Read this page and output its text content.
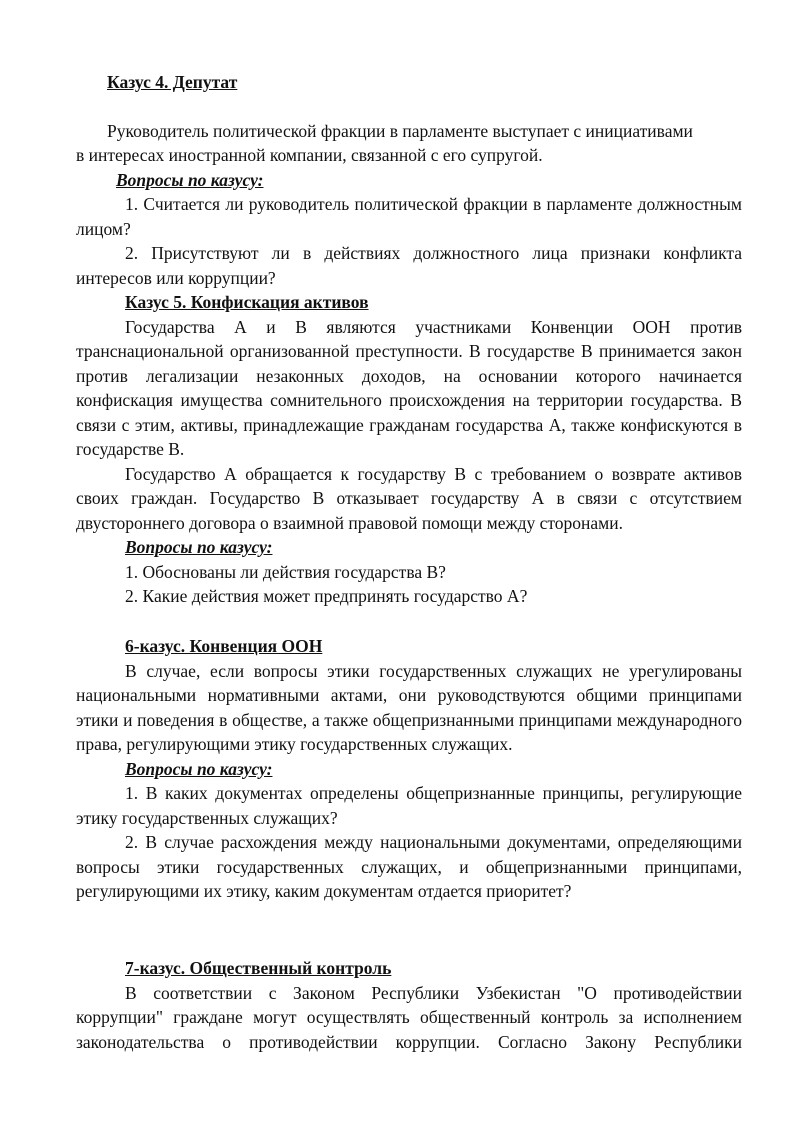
Казус 4. Депутат

Руководитель политической фракции в парламенте выступает с инициативами

в интересах иностранной компании, связанной с его супругой.

Вопросы по казусу:

1. Считается ли руководитель политической фракции в парламенте должностным лицом?

2. Присутствуют ли в действиях должностного лица признаки конфликта интересов или коррупции?

Казус 5. Конфискация активов

Государства А и В являются участниками Конвенции ООН против транснациональной организованной преступности. В государстве В принимается закон против легализации незаконных доходов, на основании которого начинается конфискация имущества сомнительного происхождения на территории государства. В связи с этим, активы, принадлежащие гражданам государства А, также конфискуются в государстве В.

Государство А обращается к государству В с требованием о возврате активов своих граждан. Государство В отказывает государству А в связи с отсутствием двустороннего договора о взаимной правовой помощи между сторонами.

Вопросы по казусу:

1. Обоснованы ли действия государства В?

2. Какие действия может предпринять государство А?

6-казус. Конвенция ООН

В случае, если вопросы этики государственных служащих не урегулированы национальными нормативными актами, они руководствуются общими принципами этики и поведения в обществе, а также общепризнанными принципами международного права, регулирующими этику государственных служащих.

Вопросы по казусу:

1. В каких документах определены общепризнанные принципы, регулирующие этику государственных служащих?

2. В случае расхождения между национальными документами, определяющими вопросы этики государственных служащих, и общепризнанными принципами, регулирующими их этику, каким документам отдается приоритет?

7-казус. Общественный контроль

В соответствии с Законом Республики Узбекистан "О противодействии коррупции" граждане могут осуществлять общественный контроль за исполнением законодательства о противодействии коррупции. Согласно Закону Республики
